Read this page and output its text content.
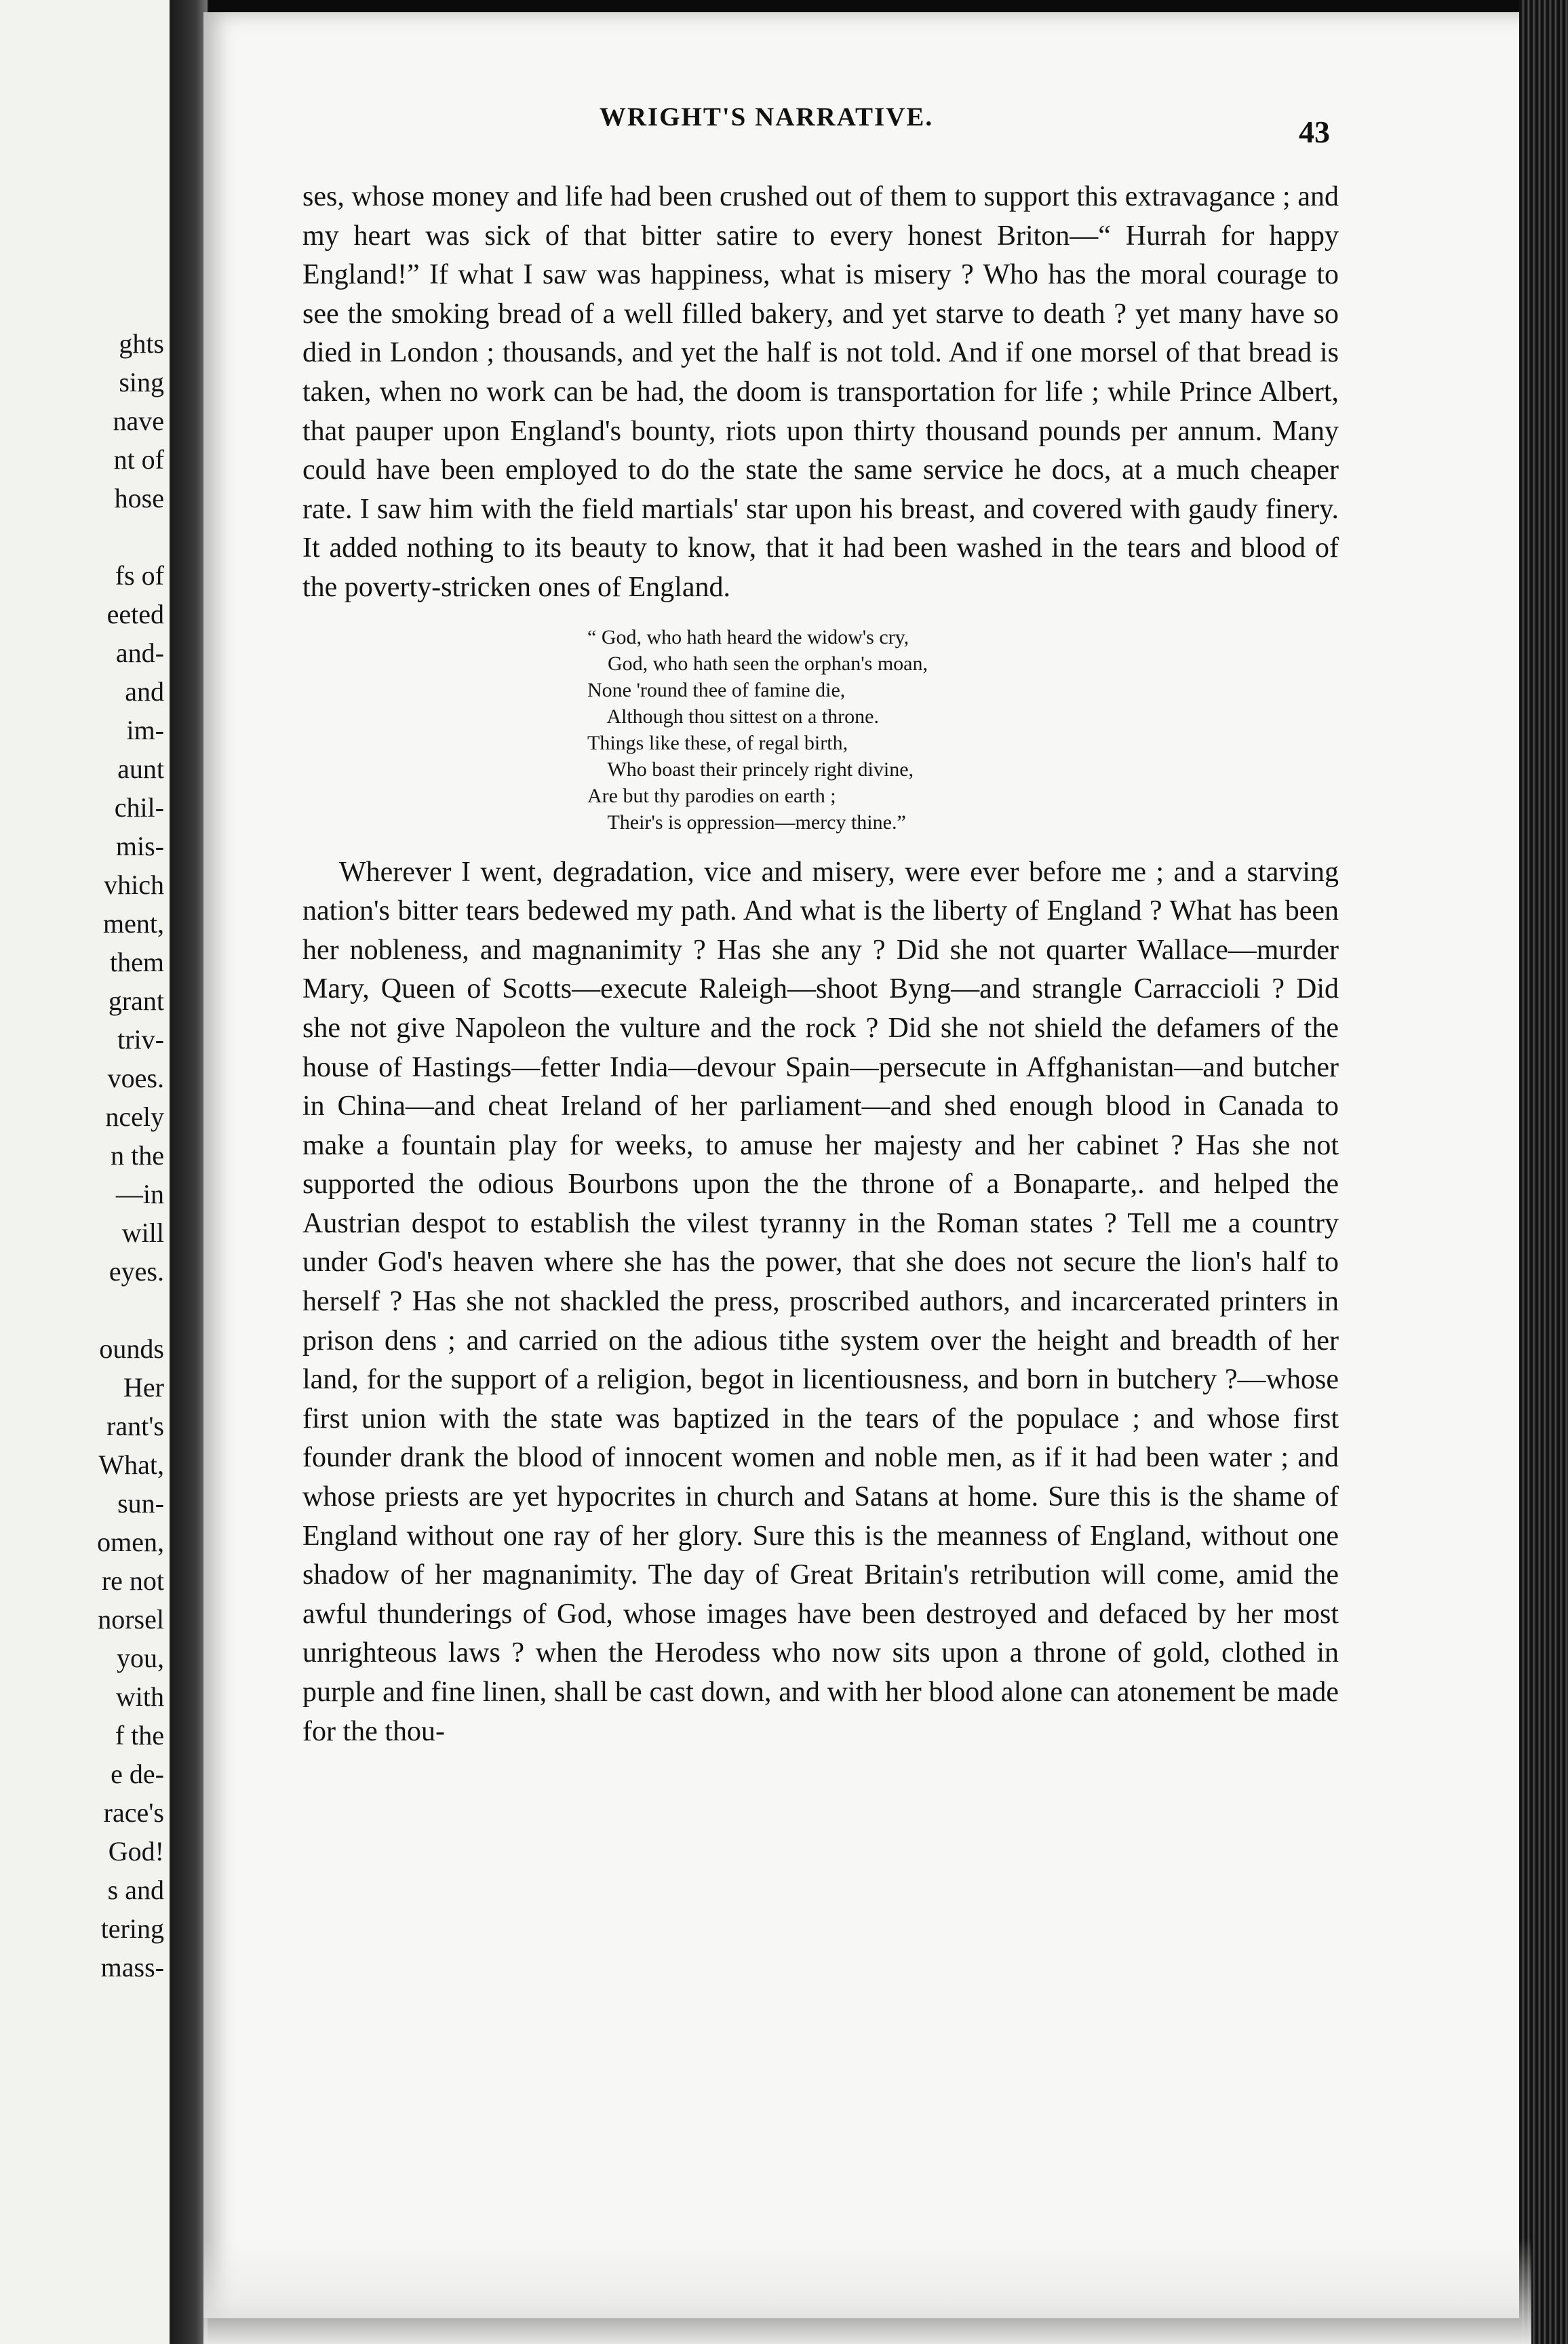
ghts
sing
nave
nt of
hose
fs of
eeted
and-
and
im-
aunt
chil-
mis-
vhich
ment,
them
grant
triv-
voes.
ncely
n the
—in
will
eyes.
ounds
Her
rant's
What,
sun-
omen,
re not
norsel
you,
with
f the
e de-
race's
God!
s and
tering
mass-
WRIGHT'S NARRATIVE.	43

ses, whose money and life had been crushed out of them to support this extravagance ; and my heart was sick of that bitter satire to every honest Briton—“ Hurrah for happy England!” If what I saw was happiness, what is misery ? Who has the moral courage to see the smoking bread of a well filled bakery, and yet starve to death ? yet many have so died in London ; thousands, and yet the half is not told. And if one morsel of that bread is taken, when no work can be had, the doom is transportation for life ; while Prince Albert, that pauper upon England's bounty, riots upon thirty thousand pounds per annum. Many could have been employed to do the state the same service he docs, at a much cheaper rate. I saw him with the field martials' star upon his breast, and covered with gaudy finery. It added nothing to its beauty to know, that it had been washed in the tears and blood of the poverty-stricken ones of England.

“ God, who hath heard the widow's cry,
God, who hath seen the orphan's moan,
None 'round thee of famine die,
Although thou sittest on a throne.
Things like these, of regal birth,
Who boast their princely right divine,
Are but thy parodies on earth ;
Their's is oppression—mercy thine.”

Wherever I went, degradation, vice and misery, were ever before me ; and a starving nation's bitter tears bedewed my path. And what is the liberty of England ? What has been her nobleness, and magnanimity ? Has she any ? Did she not quarter Wallace—murder Mary, Queen of Scotts—execute Raleigh—shoot Byng—and strangle Carraccioli ? Did she not give Napoleon the vulture and the rock ? Did she not shield the defamers of the house of Hastings—fetter India—devour Spain—persecute in Affghanistan—and butcher in China—and cheat Ireland of her parliament—and shed enough blood in Canada to make a fountain play for weeks, to amuse her majesty and her cabinet ? Has she not supported the odious Bourbons upon the the throne of a Bonaparte,. and helped the Austrian despot to establish the vilest tyranny in the Roman states ? Tell me a country under God's heaven where she has the power, that she does not secure the lion's half to herself ? Has she not shackled the press, proscribed authors, and incarcerated printers in prison dens ; and carried on the adious tithe system over the height and breadth of her land, for the support of a religion, begot in licentiousness, and born in butchery ?—whose first union with the state was baptized in the tears of the populace ; and whose first founder drank the blood of innocent women and noble men, as if it had been water ; and whose priests are yet hypocrites in church and Satans at home. Sure this is the shame of England without one ray of her glory. Sure this is the meanness of England, without one shadow of her magnanimity. The day of Great Britain's retribution will come, amid the awful thunderings of God, whose images have been destroyed and defaced by her most unrighteous laws ? when the Herodess who now sits upon a throne of gold, clothed in purple and fine linen, shall be cast down, and with her blood alone can atonement be made for the thou-
